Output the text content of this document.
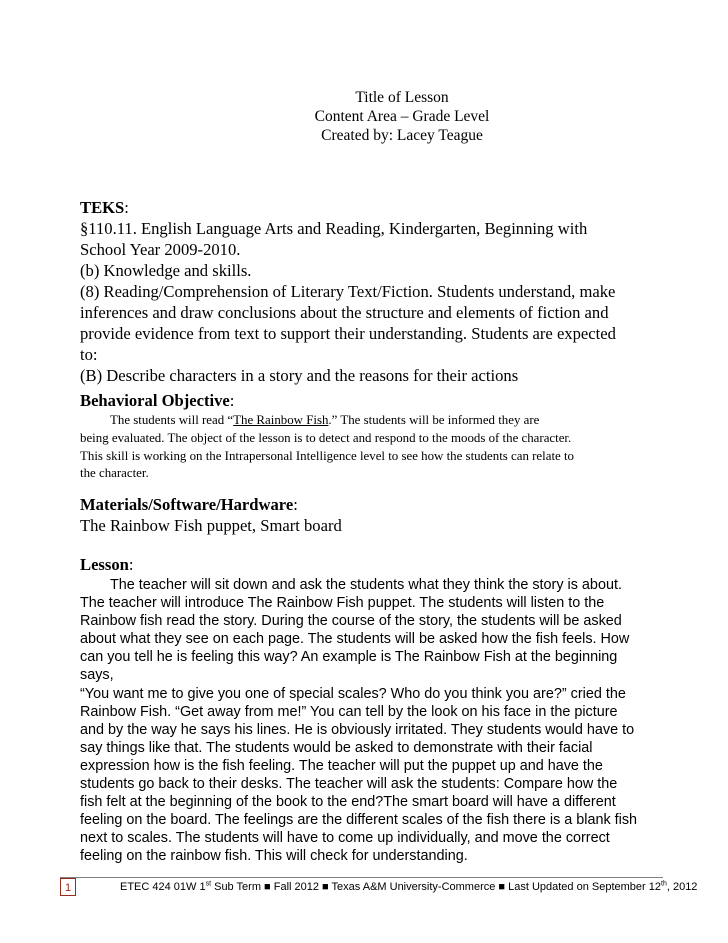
Title of Lesson
Content Area – Grade Level
Created by: Lacey Teague
TEKS:
§110.11. English Language Arts and Reading, Kindergarten, Beginning with
School Year 2009-2010.
(b) Knowledge and skills.
(8) Reading/Comprehension of Literary Text/Fiction. Students understand, make
inferences and draw conclusions about the structure and elements of fiction and
provide evidence from text to support their understanding. Students are expected
to:
(B) Describe characters in a story and the reasons for their actions
Behavioral Objective:
The students will read “The Rainbow Fish.” The students will be informed they are
being evaluated. The object of the lesson is to detect and respond to the moods of the character.
This skill is working on the Intrapersonal Intelligence level to see how the students can relate to
the character.
Materials/Software/Hardware:
The Rainbow Fish puppet, Smart board
Lesson:
The teacher will sit down and ask the students what they think the story is about.
The teacher will introduce The Rainbow Fish puppet. The students will listen to the
Rainbow fish read the story. During the course of the story, the students will be asked
about what they see on each page. The students will be asked how the fish feels. How
can you tell he is feeling this way? An example is The Rainbow Fish at the beginning
says,
“You want me to give you one of special scales? Who do you think you are?” cried the
Rainbow Fish. “Get away from me!” You can tell by the look on his face in the picture
and by the way he says his lines. He is obviously irritated. They students would have to
say things like that. The students would be asked to demonstrate with their facial
expression how is the fish feeling. The teacher will put the puppet up and have the
students go back to their desks. The teacher will ask the students: Compare how the
fish felt at the beginning of the book to the end?The smart board will have a different
feeling on the board. The feelings are the different scales of the fish there is a blank fish
next to scales. The students will have to come up individually, and move the correct
feeling on the rainbow fish. This will check for understanding.
1	ETEC 424 01W 1st Sub Term ■ Fall 2012 ■ Texas A&M University-Commerce ■ Last Updated on September 12th, 2012
